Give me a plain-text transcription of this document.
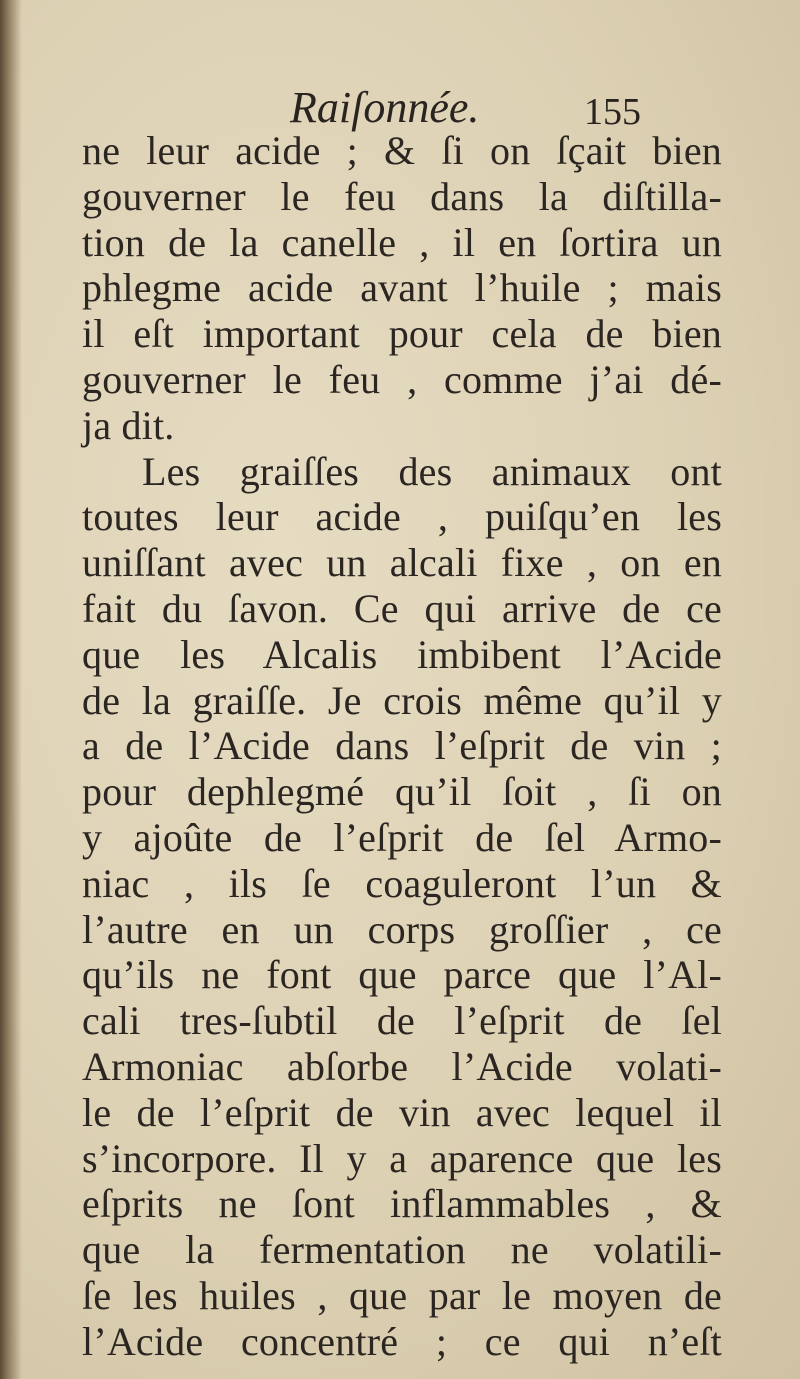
Raiſonnée.	155
ne leur acide ; & ſi on ſçait bien
gouverner le feu dans la diſtilla-
tion de la canelle , il en ſortira un
phlegme acide avant l’huile ; mais
il eſt important pour cela de bien
gouverner le feu , comme j’ai dé-
ja dit.
Les graiſſes des animaux ont
toutes leur acide , puiſqu’en les
uniſſant avec un alcali fixe , on en
fait du ſavon. Ce qui arrive de ce
que les Alcalis imbibent l’Acide
de la graiſſe. Je crois même qu’il y
a de l’Acide dans l’eſprit de vin ;
pour dephlegmé qu’il ſoit , ſi on
y ajoûte de l’eſprit de ſel Armo-
niac , ils ſe coaguleront l’un &
l’autre en un corps groſſier , ce
qu’ils ne font que parce que l’Al-
cali tres-ſubtil de l’eſprit de ſel
Armoniac abſorbe l’Acide volati-
le de l’eſprit de vin avec lequel il
s’incorpore. Il y a aparence que les
eſprits ne ſont inflammables , &
que la fermentation ne volatili-
ſe les huiles , que par le moyen de
l’Acide concentré ; ce qui n’eſt
